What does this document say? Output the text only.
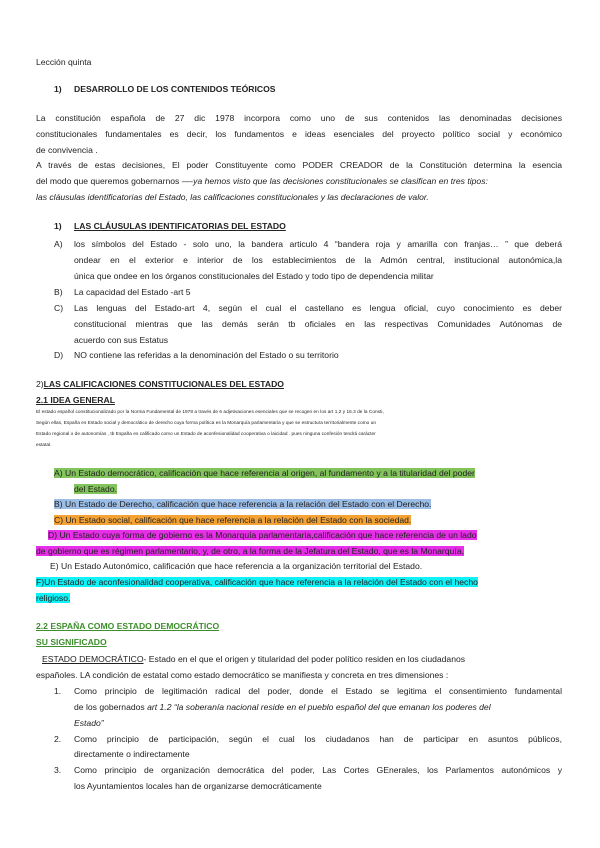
Lección quinta
1) DESARROLLO DE LOS CONTENIDOS TEÓRICOS
La constitución española de 27 dic 1978 incorpora como uno de sus contenidos las denominadas decisiones
constitucionales fundamentales es decir, los fundamentos e ideas esenciales del proyecto político social y económico
de convivencia .
A través de estas decisiones, El poder Constituyente como PODER CREADOR de la Constitución determina la esencia
del modo que queremos gobernarnos —-ya hemos visto que las decisiones constitucionales se clasifican en tres tipos:
las cláusulas identificatorias del Estado, las calificaciones constitucionales y las declaraciones de valor.
1) LAS CLÁUSULAS IDENTIFICATORIAS DEL ESTADO
A) los símbolos del Estado - solo uno, la bandera articulo 4 “bandera roja y amarilla con franjas… ” que deberá
ondear en el exterior e interior de los establecimientos de la Admón central, institucional autonómica,la
única que ondee en los órganos constitucionales del Estado y todo tipo de dependencia militar
B) La capacidad del Estado -art 5
C) Las lenguas del Estado-art 4, según el cual el castellano es lengua oficial, cuyo conocimiento es deber
constitucional mientras que las demás serán tb oficiales en las respectivas Comunidades Autónomas de
acuerdo con sus Estatus
D) NO contiene las referidas a la denominación del Estado o su territorio
2)LAS CALIFICACIONES CONSTITUCIONALES DEL ESTADO
2.1 IDEA GENERAL
El estado español constitucionalizado por la Norma Fundamental de 1978 a través de 6 adjetivaciones esenciales que se recogen en los art 1,2 y 16.3 de la Consti,
Según ellas, España es Estado social y democrático de derecho cuya forma política es la Monarquía parlamentaria y que se estructura territorialmente como un
Estado regional o de autonomías , tb España es calificado como un Estado de aconfesionalidad cooperativa o laicidad . pues ninguna confesión tendrá carácter
estatal.
A) Un Estado democrático, calificación que hace referencia al origen, al fundamento y a la titularidad del poder
del Estado.
B) Un Estado de Derecho, calificación que hace referencia a la relación del Estado con el Derecho.
C) Un Estado social, calificación que hace referencia a la relación del Estado con la sociedad.
D) Un Estado cuya forma de gobierno es la Monarquía parlamentaria,calificación que hace referencia de un lado
de gobierno que es régimen parlamentario, y, de otro, a la forma de la Jefatura del Estado, que es la Monarquía.
E) Un Estado Autonómico, calificación que hace referencia a la organización territorial del Estado.
F)Un Estado de aconfesionalidad cooperativa, calificación que hace referencia a la relación del Estado con el hecho
religioso.
2.2 ESPAÑA COMO ESTADO DEMOCRÁTICO
SU SIGNIFICADO
ESTADO DEMOCRÁTICO- Estado en el que el origen y titularidad del poder político residen en los ciudadanos
españoles. LA condición de estatal como estado democrático se manifiesta y concreta en tres dimensiones :
1. Como principio de legitimación radical del poder, donde el Estado se legitima el consentimiento fundamental
de los gobernados art 1.2 “la soberanía nacional reside en el pueblo español del que emanan los poderes del
Estado”
2. Como principio de participación, según el cual los ciudadanos han de participar en asuntos públicos,
directamente o indirectamente
3. Como principio de organización democrática del poder, Las Cortes GEnerales, los Parlamentos autonómicos y
los Ayuntamientos locales han de organizarse democráticamente
